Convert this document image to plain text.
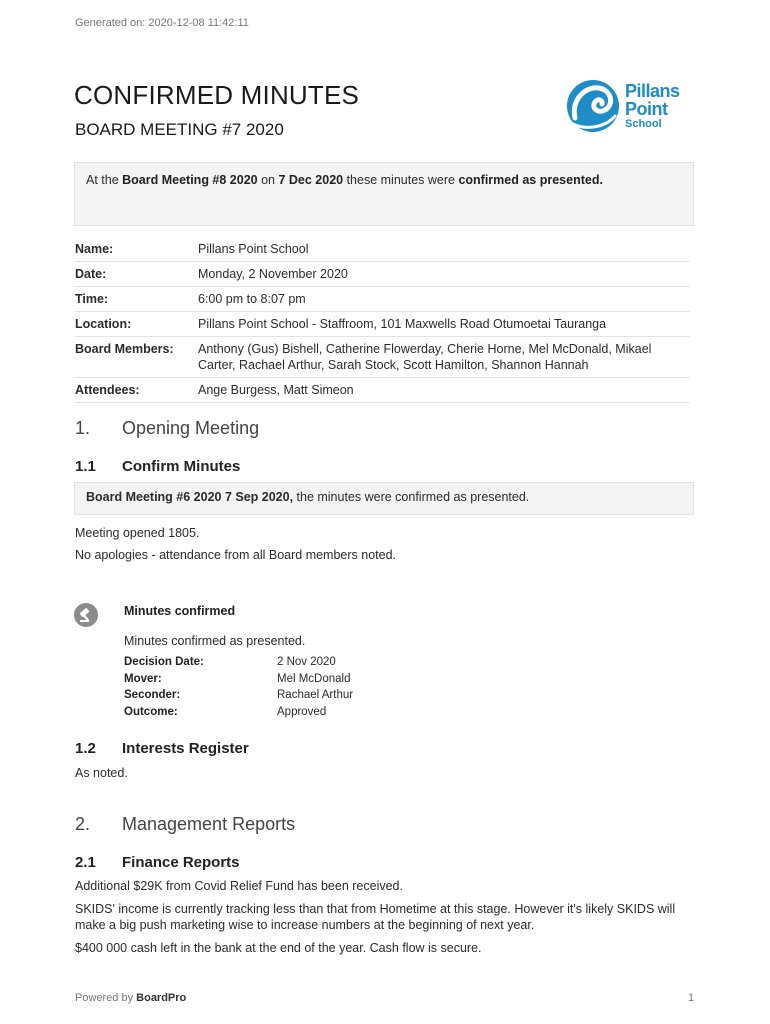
Generated on: 2020-12-08 11:42:11
CONFIRMED MINUTES
BOARD MEETING #7 2020
Pillans
Point
School
At the Board Meeting #8 2020 on 7 Dec 2020 these minutes were confirmed as presented.
Name:	Pillans Point School
Date:	Monday, 2 November 2020
Time:	6:00 pm to 8:07 pm
Location:	Pillans Point School - Staffroom, 101 Maxwells Road Otumoetai Tauranga
Board Members:	Anthony (Gus) Bishell, Catherine Flowerday, Cherie Horne, Mel McDonald, Mikael Carter, Rachael Arthur, Sarah Stock, Scott Hamilton, Shannon Hannah
Attendees:	Ange Burgess, Matt Simeon
1. Opening Meeting
1.1 Confirm Minutes
Board Meeting #6 2020 7 Sep 2020, the minutes were confirmed as presented.
Meeting opened 1805.
No apologies - attendance from all Board members noted.
Minutes confirmed
Minutes confirmed as presented.
Decision Date:	2 Nov 2020
Mover:	Mel McDonald
Seconder:	Rachael Arthur
Outcome:	Approved
1.2 Interests Register
As noted.
2. Management Reports
2.1 Finance Reports
Additional $29K from Covid Relief Fund has been received.
SKIDS' income is currently tracking less than that from Hometime at this stage. However it's likely SKIDS will make a big push marketing wise to increase numbers at the beginning of next year.
$400 000 cash left in the bank at the end of the year. Cash flow is secure.
Powered by BoardPro	1
